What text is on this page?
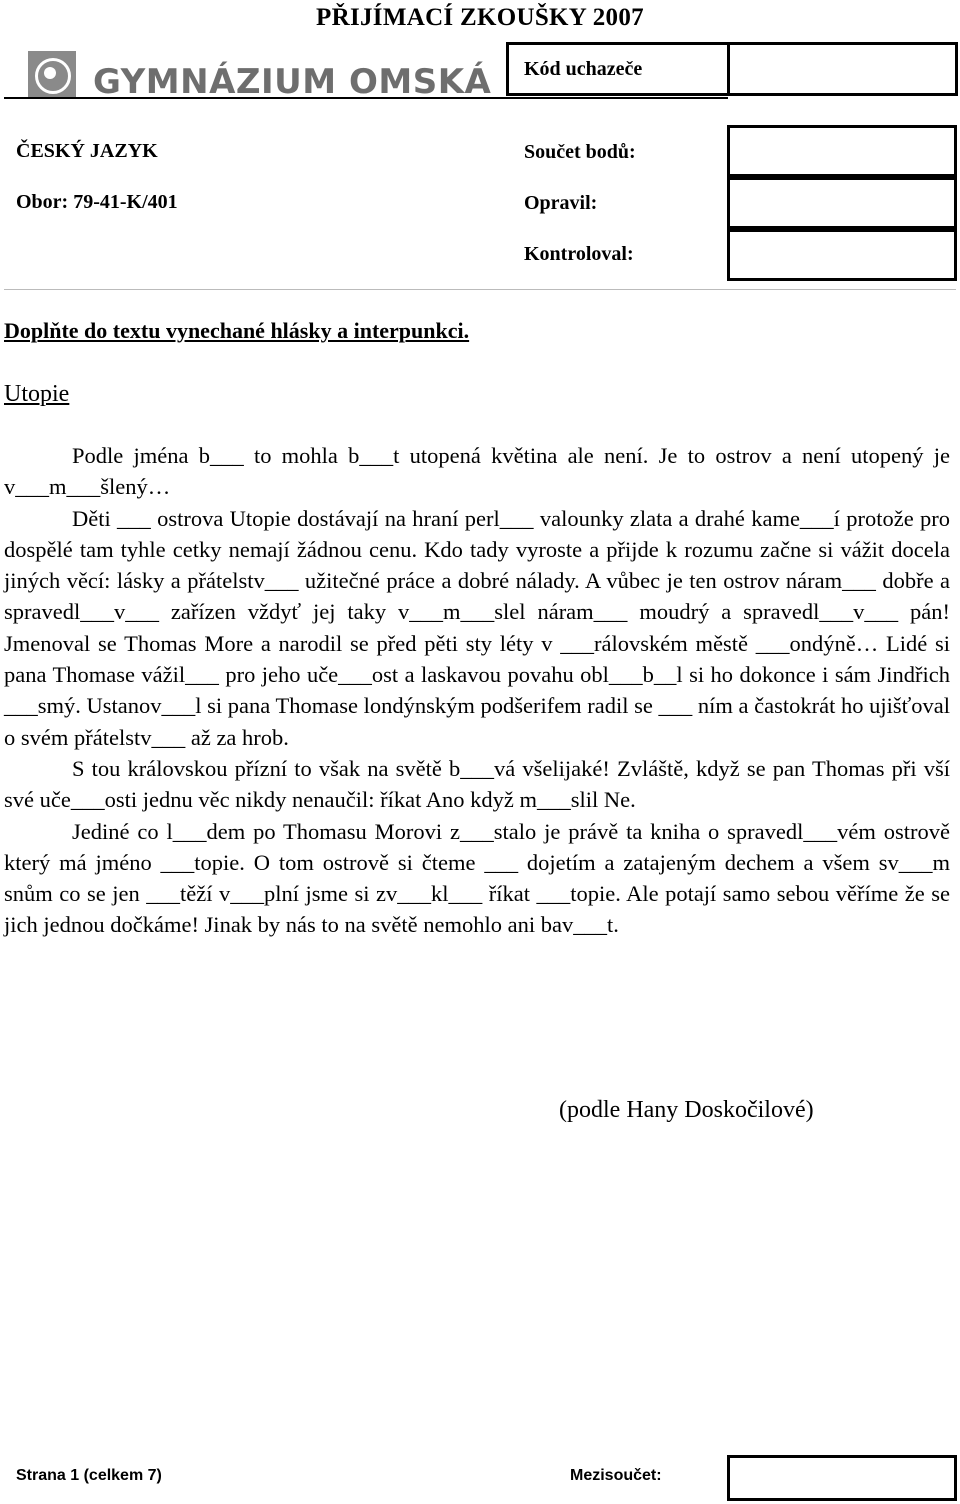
PŘIJÍMACÍ ZKOUŠKY 2007
GYMNÁZIUM OMSKÁ Kód uchazeče
ČESKÝ JAZYK
Obor: 79-41-K/401
Součet bodů:
Opravil:
Kontroloval:
Doplňte do textu vynechané hlásky a interpunkci.
Utopie

Podle jména b___ to mohla b___t utopená květina ale není. Je to ostrov a není utopený je v___m___šlený…

Děti ___ ostrova Utopie dostávají na hraní perl___ valounky zlata a drahé kame___í protože pro dospělé tam tyhle cetky nemají žádnou cenu. Kdo tady vyroste a přijde k rozumu začne si vážit docela jiných věcí: lásky a přátelstv___ užitečné práce a dobré nálady. A vůbec je ten ostrov náram___ dobře a spravedl___v___ zařízen vždyť jej taky v___m___slel náram___ moudrý a spravedl___v___ pán! Jmenoval se Thomas More a narodil se před pěti sty léty v ___rálovském městě ___ondýně… Lidé si pana Thomase vážil___ pro jeho uče___ost a laskavou povahu obl___b__l si ho dokonce i sám Jindřich ___smý. Ustanov___l si pana Thomase londýnským podšerifem radil se ___ ním a častokrát ho ujišťoval o svém přátelstv___ až za hrob.

S tou královskou přízní to však na světě b___vá všelijaké! Zvláště, když se pan Thomas při vší své uče___osti jednu věc nikdy nenaučil: říkat Ano když m___slil Ne.

Jediné co l___dem po Thomasu Morovi z___stalo je právě ta kniha o spravedl___vém ostrově který má jméno ___topie. O tom ostrově si čteme ___ dojetím a zatajeným dechem a všem sv___m snům co se jen ___těží v___plní jsme si zv___kl___ říkat ___topie. Ale potají samo sebou věříme že se jich jednou dočkáme! Jinak by nás to na světě nemohlo ani bav___t.

(podle Hany Doskočilové)
Strana 1 (celkem 7)	Mezisoučet:
